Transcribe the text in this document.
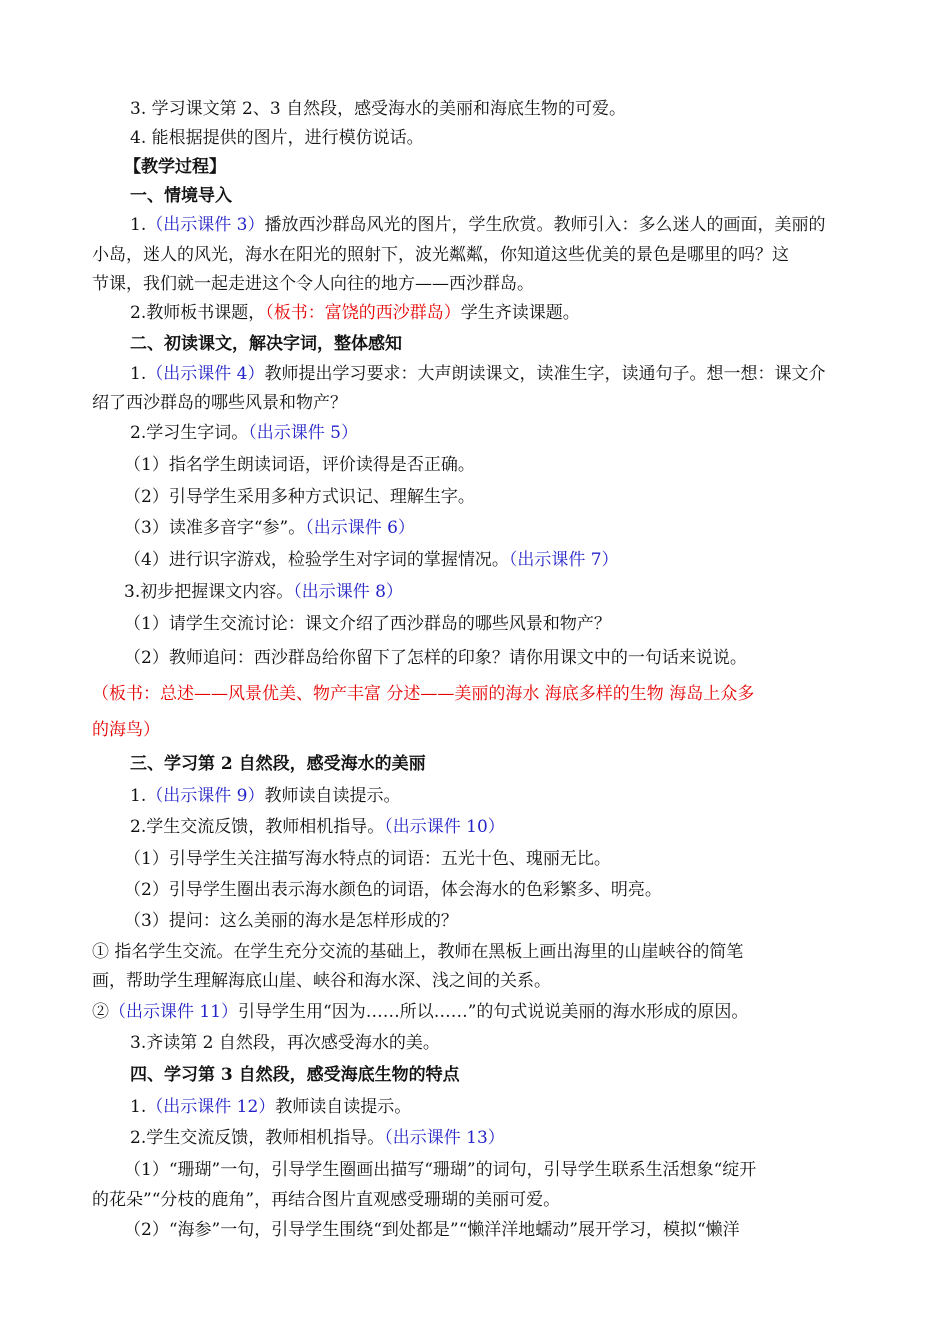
3. 学习课文第 2、3 自然段，感受海水的美丽和海底生物的可爱。
4. 能根据提供的图片，进行模仿说话。
【教学过程】
一、情境导入
1.（出示课件 3）播放西沙群岛风光的图片，学生欣赏。教师引入：多么迷人的画面，美丽的
小岛，迷人的风光，海水在阳光的照射下，波光粼粼，你知道这些优美的景色是哪里的吗？这
节课，我们就一起走进这个令人向往的地方——西沙群岛。
2.教师板书课题，（板书：富饶的西沙群岛）学生齐读课题。
二、初读课文，解决字词，整体感知
1.（出示课件 4）教师提出学习要求：大声朗读课文，读准生字，读通句子。想一想：课文介
绍了西沙群岛的哪些风景和物产？
2.学习生字词。（出示课件 5）
（1）指名学生朗读词语，评价读得是否正确。
（2）引导学生采用多种方式识记、理解生字。
（3）读准多音字“参”。（出示课件 6）
（4）进行识字游戏，检验学生对字词的掌握情况。（出示课件 7）
3.初步把握课文内容。（出示课件 8）
（1）请学生交流讨论：课文介绍了西沙群岛的哪些风景和物产？
（2）教师追问：西沙群岛给你留下了怎样的印象？请你用课文中的一句话来说说。
（板书：总述——风景优美、物产丰富 分述——美丽的海水 海底多样的生物 海岛上众多
的海鸟）
三、学习第 2 自然段，感受海水的美丽
1.（出示课件 9）教师读自读提示。
2.学生交流反馈，教师相机指导。（出示课件 10）
（1）引导学生关注描写海水特点的词语：五光十色、瑰丽无比。
（2）引导学生圈出表示海水颜色的词语，体会海水的色彩繁多、明亮。
（3）提问：这么美丽的海水是怎样形成的？
① 指名学生交流。在学生充分交流的基础上，教师在黑板上画出海里的山崖峡谷的简笔
画，帮助学生理解海底山崖、峡谷和海水深、浅之间的关系。
②（出示课件 11）引导学生用“因为……所以……”的句式说说美丽的海水形成的原因。
3.齐读第 2 自然段，再次感受海水的美。
四、学习第 3 自然段，感受海底生物的特点
1.（出示课件 12）教师读自读提示。
2.学生交流反馈，教师相机指导。（出示课件 13）
（1）“珊瑚”一句，引导学生圈画出描写“珊瑚”的词句，引导学生联系生活想象“绽开
的花朵”“分枝的鹿角”，再结合图片直观感受珊瑚的美丽可爱。
（2）“海参”一句，引导学生围绕“到处都是”“懒洋洋地蠕动”展开学习，模拟“懒洋
